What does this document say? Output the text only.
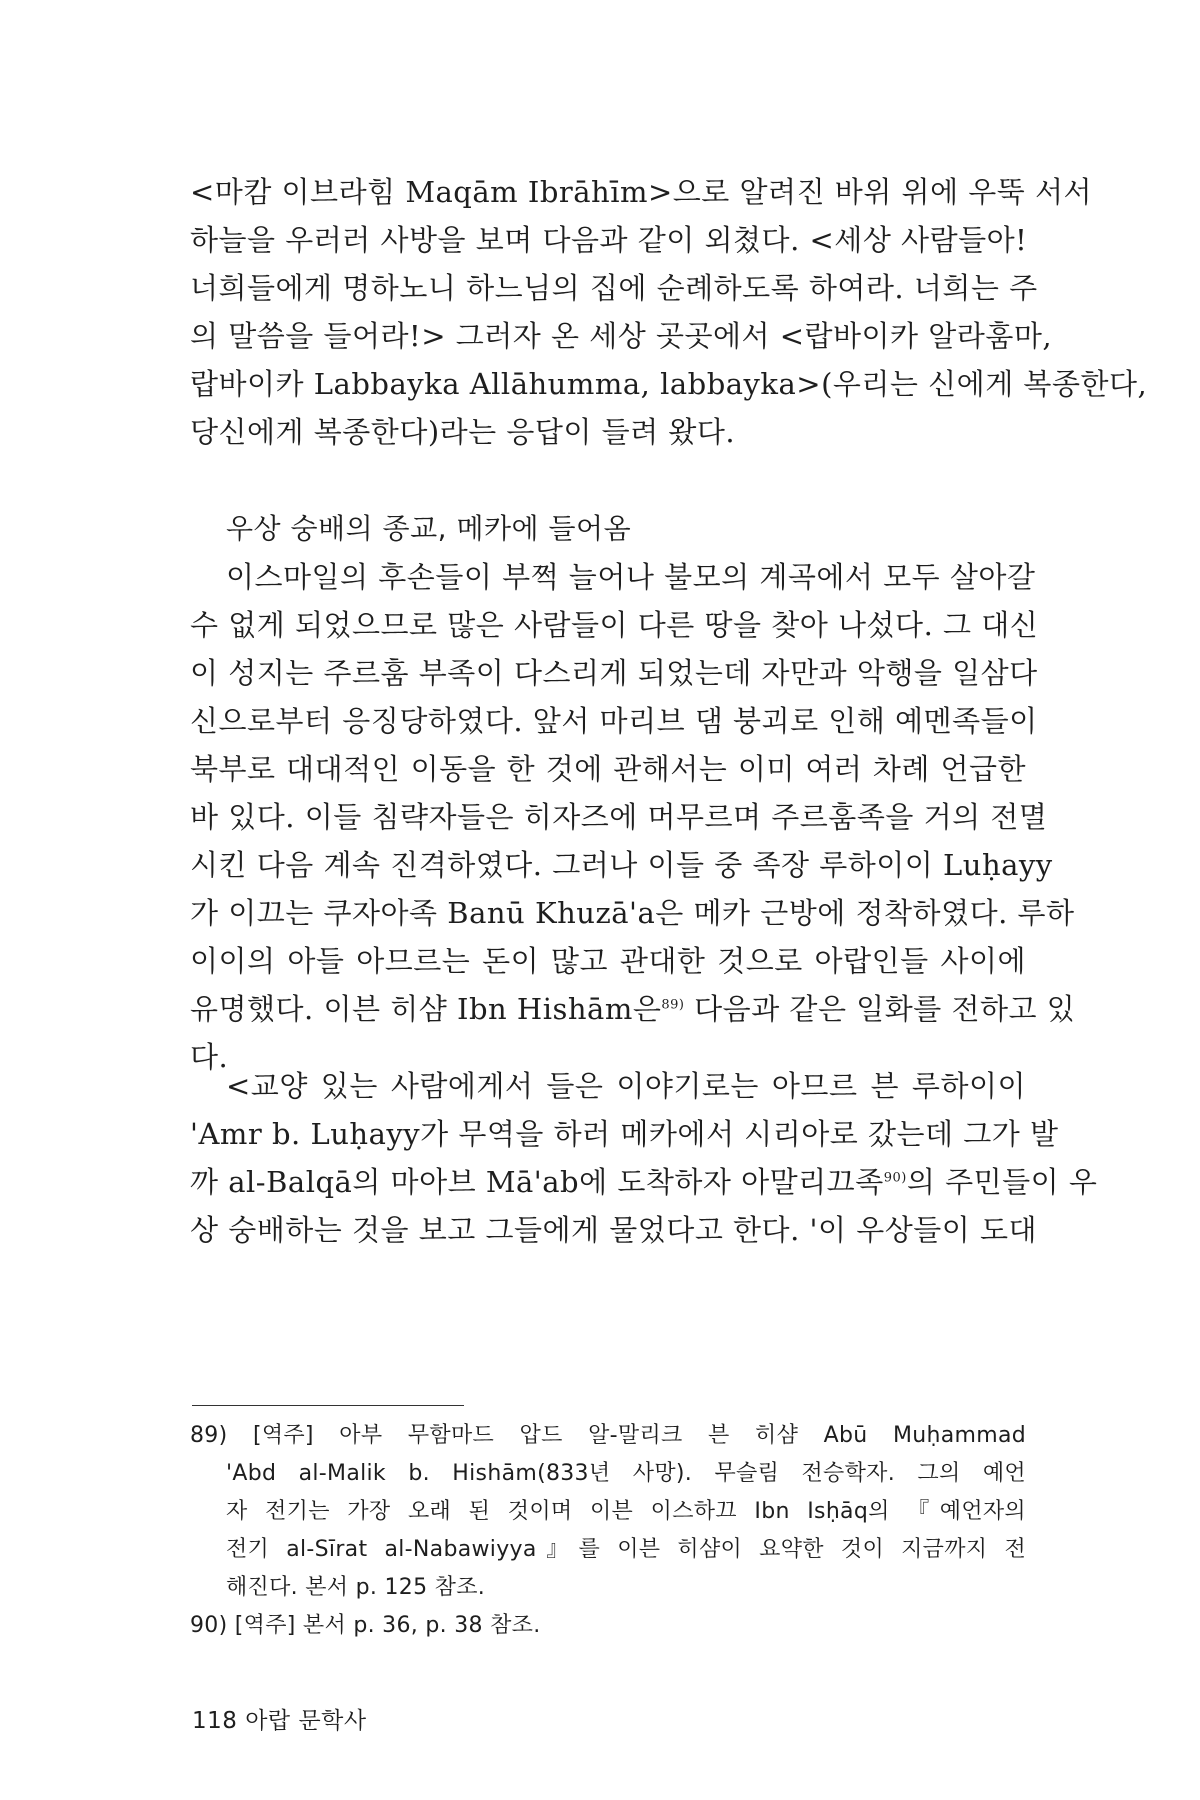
<마캄 이브라힘 Maqām Ibrāhīm>으로 알려진 바위 위에 우뚝 서서
하늘을 우러러 사방을 보며 다음과 같이 외쳤다. <세상 사람들아!
너희들에게 명하노니 하느님의 집에 순례하도록 하여라. 너희는 주
의 말씀을 들어라!> 그러자 온 세상 곳곳에서 <랍바이카 알라훔마,
랍바이카 Labbayka Allāhumma, labbayka>(우리는 신에게 복종한다,
당신에게 복종한다)라는 응답이 들려 왔다.
우상 숭배의 종교, 메카에 들어옴
이스마일의 후손들이 부쩍 늘어나 불모의 계곡에서 모두 살아갈
수 없게 되었으므로 많은 사람들이 다른 땅을 찾아 나섰다. 그 대신
이 성지는 주르훔 부족이 다스리게 되었는데 자만과 악행을 일삼다
신으로부터 응징당하였다. 앞서 마리브 댐 붕괴로 인해 예멘족들이
북부로 대대적인 이동을 한 것에 관해서는 이미 여러 차례 언급한
바 있다. 이들 침략자들은 히자즈에 머무르며 주르훔족을 거의 전멸
시킨 다음 계속 진격하였다. 그러나 이들 중 족장 루하이이 Luḥayy
가 이끄는 쿠자아족 Banū Khuzā'a은 메카 근방에 정착하였다. 루하
이이의 아들 아므르는 돈이 많고 관대한 것으로 아랍인들 사이에
유명했다. 이븐 히샴 Ibn Hishām은$^{89)}$ 다음과 같은 일화를 전하고 있
다.
<교양 있는 사람에게서 들은 이야기로는 아므르 븐 루하이이
'Amr b. Luḥayy가 무역을 하러 메카에서 시리아로 갔는데 그가 발
까 al-Balqā의 마아브 Mā'ab에 도착하자 아말리끄족$^{90)}$의 주민들이 우
상 숭배하는 것을 보고 그들에게 물었다고 한다. '이 우상들이 도대
89) [역주] 아부 무함마드 압드 알-말리크 븐 히샴 Abū Muḥammad
'Abd al-Malik b. Hishām(833년 사망). 무슬림 전승학자. 그의 예언
자 전기는 가장 오래 된 것이며 이븐 이스하끄 Ibn Isḥāq의 『예언자의
전기 al-Sīrat al-Nabawiyya』를 이븐 히샴이 요약한 것이 지금까지 전
해진다. 본서 p. 125 참조.
90) [역주] 본서 p. 36, p. 38 참조.
118 아랍 문학사
